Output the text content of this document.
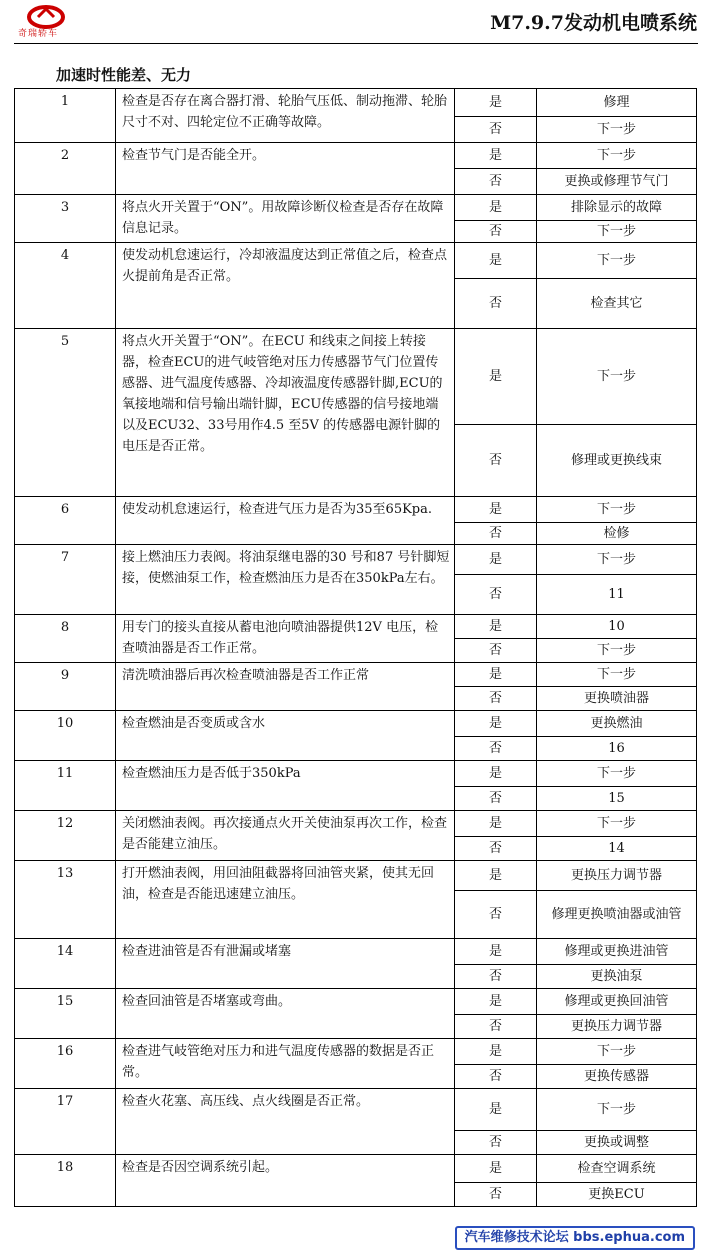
奇瑞轿车	M7.9.7发动机电喷系统
加速时性能差、无力
1	检查是否存在离合器打滑、轮胎气压低、制动拖滞、轮胎尺寸不对、四轮定位不正确等故障。	是	修理
		否	下一步
2	检查节气门是否能全开。	是	下一步
		否	更换或修理节气门
3	将点火开关置于“ON”。用故障诊断仪检查是否存在故障信息记录。	是	排除显示的故障
		否	下一步
4	使发动机怠速运行，冷却液温度达到正常值之后，检查点火提前角是否正常。	是	下一步
		否	检查其它
5	将点火开关置于“ON”。在ECU 和线束之间接上转接器，检查ECU的进气岐管绝对压力传感器节气门位置传感器、进气温度传感器、冷却液温度传感器针脚,ECU的氧接地端和信号输出端针脚，ECU传感器的信号接地端以及ECU32、33号用作4.5 至5V 的传感器电源针脚的电压是否正常。	是	下一步
		否	修理或更换线束
6	使发动机怠速运行，检查进气压力是否为35至65Kpa.	是	下一步
		否	检修
7	接上燃油压力表阀。将油泵继电器的30 号和87 号针脚短接，使燃油泵工作，检查燃油压力是否在350kPa左右。	是	下一步
		否	11
8	用专门的接头直接从蓄电池向喷油器提供12V 电压，检查喷油器是否工作正常。	是	10
		否	下一步
9	清洗喷油器后再次检查喷油器是否工作正常	是	下一步
		否	更换喷油器
10	检查燃油是否变质或含水	是	更换燃油
		否	16
11	检查燃油压力是否低于350kPa	是	下一步
		否	15
12	关闭燃油表阀。再次接通点火开关使油泵再次工作，检查是否能建立油压。	是	下一步
		否	14
13	打开燃油表阀，用回油阻截器将回油管夹紧，使其无回油，检查是否能迅速建立油压。	是	更换压力调节器
		否	修理更换喷油器或油管
14	检查进油管是否有泄漏或堵塞	是	修理或更换进油管
		否	更换油泵
15	检查回油管是否堵塞或弯曲。	是	修理或更换回油管
		否	更换压力调节器
16	检查进气岐管绝对压力和进气温度传感器的数据是否正常。	是	下一步
		否	更换传感器
17	检查火花塞、高压线、点火线圈是否正常。	是	下一步
		否	更换或调整
18	检查是否因空调系统引起。	是	检查空调系统
		否	更换ECU
汽车维修技术论坛 bbs.ephua.com
